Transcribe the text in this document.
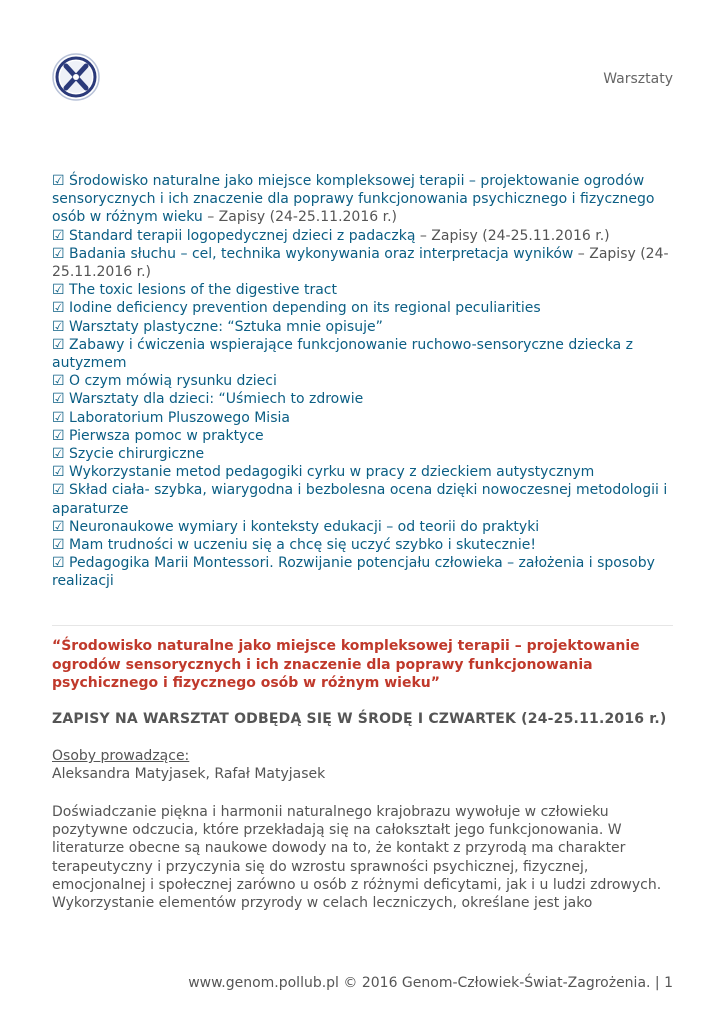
Warsztaty
☑ Środowisko naturalne jako miejsce kompleksowej terapii – projektowanie ogrodów sensorycznych i ich znaczenie dla poprawy funkcjonowania psychicznego i fizycznego osób w różnym wieku – Zapisy (24-25.11.2016 r.)
☑ Standard terapii logopedycznej dzieci z padaczką – Zapisy (24-25.11.2016 r.)
☑ Badania słuchu – cel, technika wykonywania oraz interpretacja wyników – Zapisy (24-25.11.2016 r.)
☑ The toxic lesions of the digestive tract
☑ Iodine deficiency prevention depending on its regional peculiarities
☑ Warsztaty plastyczne: “Sztuka mnie opisuje”
☑ Zabawy i ćwiczenia wspierające funkcjonowanie ruchowo-sensoryczne dziecka z autyzmem
☑ O czym mówią rysunku dzieci
☑ Warsztaty dla dzieci: “Uśmiech to zdrowie
☑ Laboratorium Pluszowego Misia
☑ Pierwsza pomoc w praktyce
☑ Szycie chirurgiczne
☑ Wykorzystanie metod pedagogiki cyrku w pracy z dzieckiem autystycznym
☑ Skład ciała- szybka, wiarygodna i bezbolesna ocena dzięki nowoczesnej metodologii i aparaturze
☑ Neuronaukowe wymiary i konteksty edukacji – od teorii do praktyki
☑ Mam trudności w uczeniu się a chcę się uczyć szybko i skutecznie!
☑ Pedagogika Marii Montessori. Rozwijanie potencjału człowieka – założenia i sposoby realizacji
“Środowisko naturalne jako miejsce kompleksowej terapii – projektowanie ogrodów sensorycznych i ich znaczenie dla poprawy funkcjonowania psychicznego i fizycznego osób w różnym wieku”
ZAPISY NA WARSZTAT ODBĘDĄ SIĘ W ŚRODĘ I CZWARTEK (24-25.11.2016 r.)
Osoby prowadzące:
Aleksandra Matyjasek, Rafał Matyjasek
Doświadczanie piękna i harmonii naturalnego krajobrazu wywołuje w człowieku pozytywne odczucia, które przekładają się na całokształt jego funkcjonowania. W literaturze obecne są naukowe dowody na to, że kontakt z przyrodą ma charakter terapeutyczny i przyczynia się do wzrostu sprawności psychicznej, fizycznej, emocjonalnej i społecznej zarówno u osób z różnymi deficytami, jak i u ludzi zdrowych. Wykorzystanie elementów przyrody w celach leczniczych, określane jest jako
www.genom.pollub.pl © 2016 Genom-Człowiek-Świat-Zagrożenia. | 1
